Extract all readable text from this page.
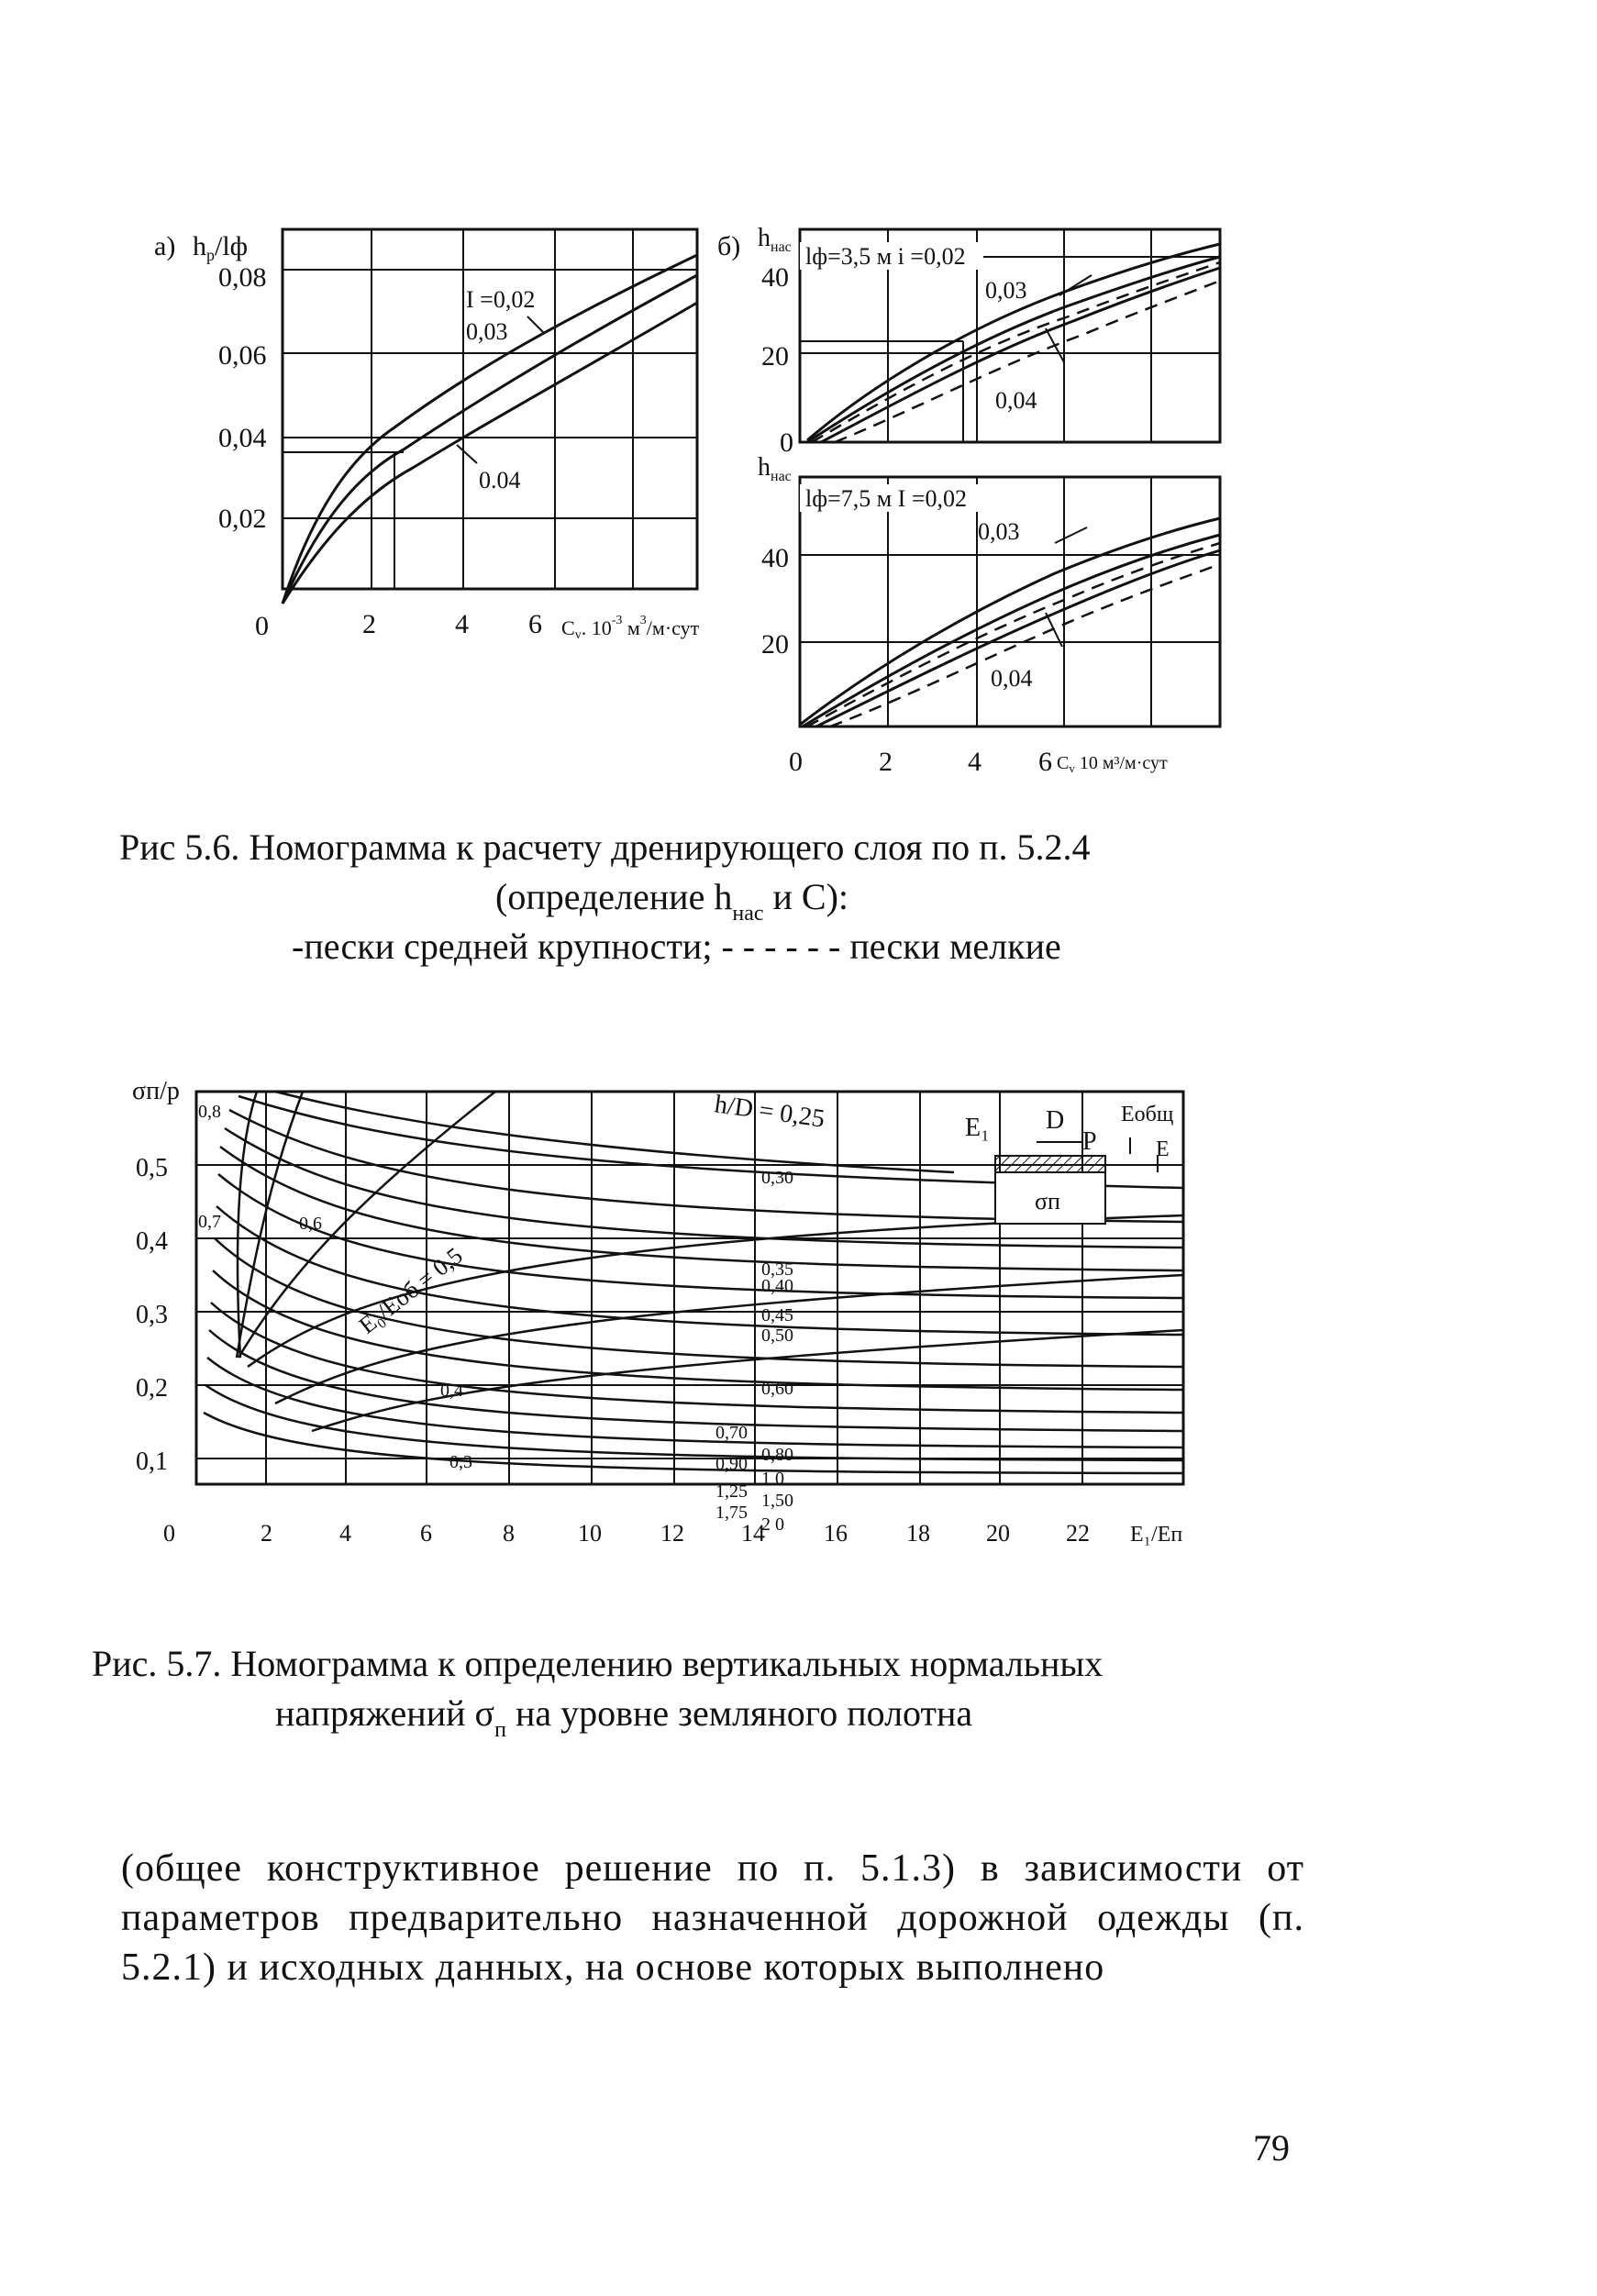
а) $h_р/lф$
I =0,02
0,03
0.04
0,08
0,06
0,04
0,02
0	2	4 6 Cv. $10^{-3}$ $м^3/м\cdot сут$
б) $h_{нас}$ lф=3,5 м i =0,02
0,03
0,04
40
20
0
$h_{нас}$
lф=7,5 м I =0,02
0,03
0,04
40
20
0	2	4 6 $C_v$ 10 м³/м·сут
Рис 5.6. Номограмма к расчету дренирующего слоя по п. 5.2.4
(определение $h_{нас}$ и C):
-пески средней крупности; - - - - - - пески мелкие
σп/p	h/D = 0,25
0,30
0,35
0,40
0,45
0,50
0,60
0,70
0,80
0,90
1 0
1,25 1,50
1,75
2 0
E₀/Eоб = 0,5
0,8
0,7	0,6
0,4
0,3
D
E₁	P
Eобщ
E
σп
0,5
0,4
0,3
0,2
0,1
0	2	4	6	8	10 12 14 16 18 20 22 E₁/Eп
Рис. 5.7. Номограмма к определению вертикальных нормальных
напряжений $\sigma_п$ на уровне земляного полотна
(общее конструктивное решение по п. 5.1.3) в зависимости от параметров предварительно назначенной дорожной одежды (п. 5.2.1) и исходных данных, на основе которых выполнено
79
